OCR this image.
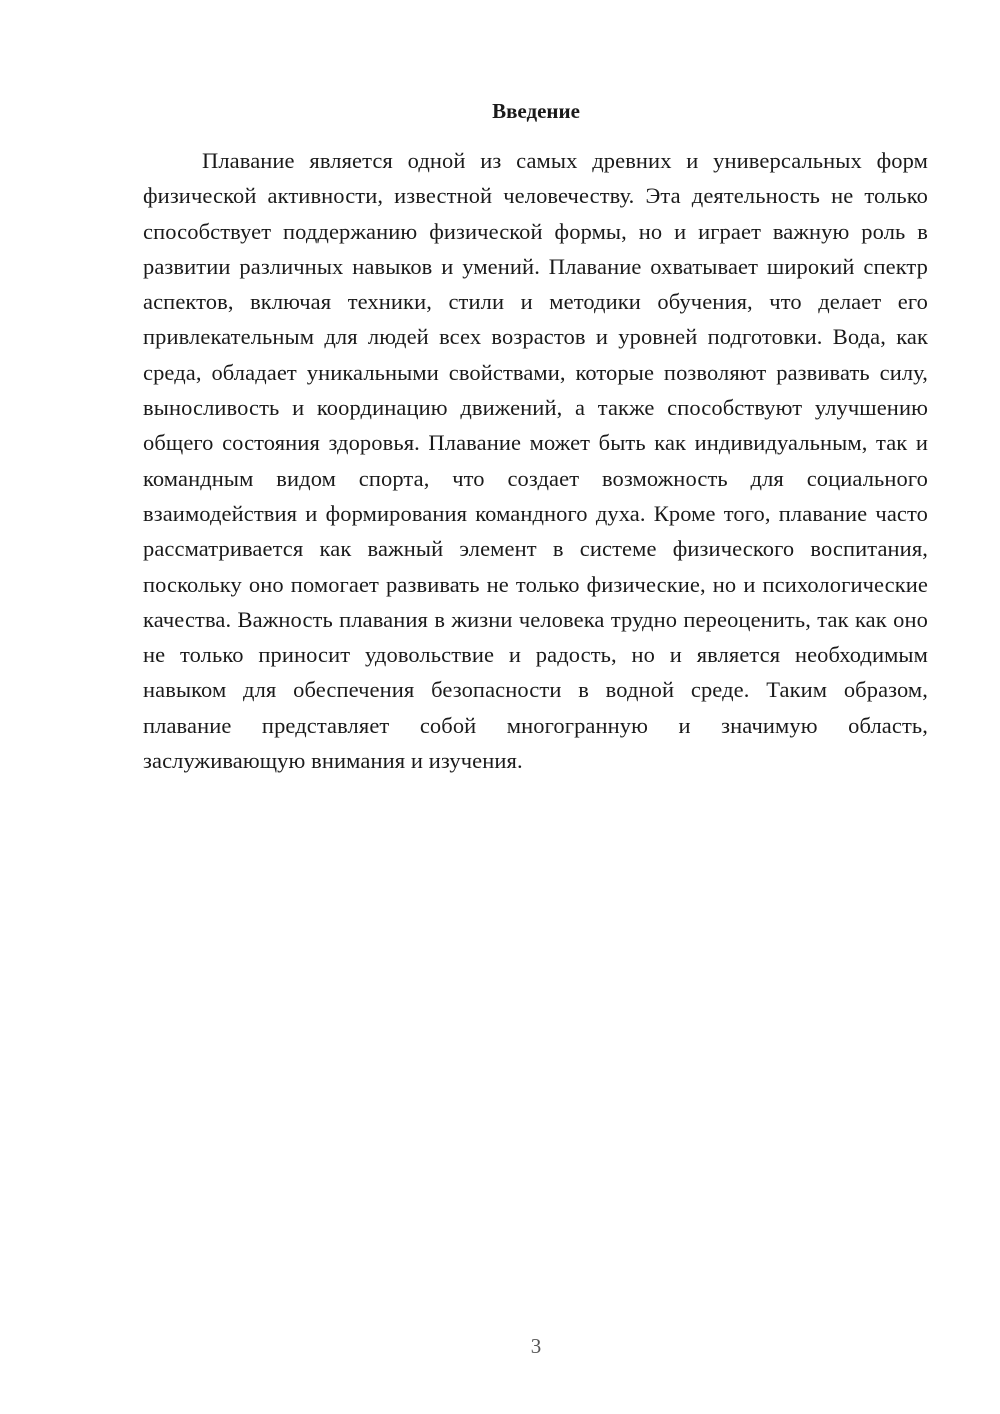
Введение

Плавание является одной из самых древних и универсальных форм физической активности, известной человечеству. Эта деятельность не только способствует поддержанию физической формы, но и играет важную роль в развитии различных навыков и умений. Плавание охватывает широкий спектр аспектов, включая техники, стили и методики обучения, что делает его привлекательным для людей всех возрастов и уровней подготовки. Вода, как среда, обладает уникальными свойствами, которые позволяют развивать силу, выносливость и координацию движений, а также способствуют улучшению общего состояния здоровья. Плавание может быть как индивидуальным, так и командным видом спорта, что создает возможность для социального взаимодействия и формирования командного духа. Кроме того, плавание часто рассматривается как важный элемент в системе физического воспитания, поскольку оно помогает развивать не только физические, но и психологические качества. Важность плавания в жизни человека трудно переоценить, так как оно не только приносит удовольствие и радость, но и является необходимым навыком для обеспечения безопасности в водной среде. Таким образом, плавание представляет собой многогранную и значимую область, заслуживающую внимания и изучения.

3
